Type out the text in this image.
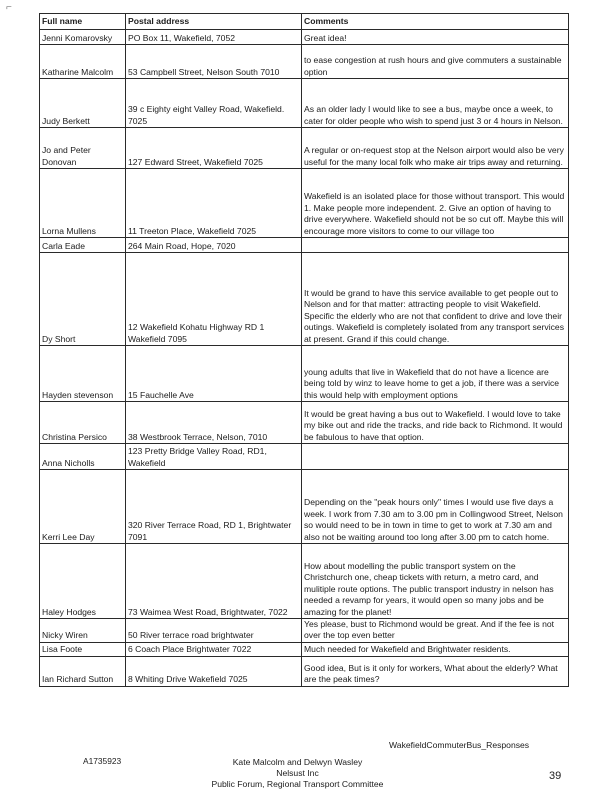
⌐
Full name	Postal address	Comments
Jenni Komarovsky	PO Box 11, Wakefield, 7052	Great idea!
Katharine Malcolm	53 Campbell Street, Nelson South 7010	to ease congestion at rush hours and give commuters a sustainable option
Judy Berkett	39 c Eighty eight Valley Road, Wakefield. 7025	As an older lady I would like to see a bus, maybe once a week, to cater for older people who wish to spend just 3 or 4 hours in Nelson.
Jo and Peter Donovan	127 Edward Street, Wakefield 7025	A regular or on-request stop at the Nelson airport would also be very useful for the many local folk who make air trips away and returning.
Lorna Mullens	11 Treeton Place, Wakefield 7025	Wakefield is an isolated place for those without transport. This would 1. Make people more independent. 2. Give an option of having to drive everywhere. Wakefield should not be so cut off. Maybe this will encourage more visitors to come to our village too
Carla Eade	264 Main Road, Hope, 7020	
Dy Short	12 Wakefield Kohatu Highway RD 1 Wakefield 7095	It would be grand to have this service available to get people out to Nelson and for that matter: attracting people to visit Wakefield. Specific the elderly who are not that confident to drive and love their outings. Wakefield is completely isolated from any transport services at present. Grand if this could change.
Hayden stevenson	15 Fauchelle Ave	young adults that live in Wakefield that do not have a licence are being told by winz to leave home to get a job, if there was a service this would help with employment options
Christina Persico	38 Westbrook Terrace, Nelson, 7010	It would be great having a bus out to Wakefield. I would love to take my bike out and ride the tracks, and ride back to Richmond. It would be fabulous to have that option.
Anna Nicholls	123 Pretty Bridge Valley Road, RD1, Wakefield	
Kerri Lee Day	320 River Terrace Road, RD 1, Brightwater 7091	Depending on the "peak hours only" times I would use five days a week. I work from 7.30 am to 3.00 pm in Collingwood Street, Nelson so would need to be in town in time to get to work at 7.30 am and also not be waiting around too long after 3.00 pm to catch home.
Haley Hodges	73 Waimea West Road, Brightwater, 7022	How about modelling the public transport system on the Christchurch one, cheap tickets with return, a metro card, and mulitiple route options. The public transport industry in nelson has needed a revamp for years, it would open so many jobs and be amazing for the planet!
Nicky Wiren	50 River terrace road brightwater	Yes please, bust to Richmond would be great. And if the fee is not over the top even better
Lisa Foote	6 Coach Place Brightwater 7022	Much needed for Wakefield and Brightwater residents.
Ian Richard Sutton	8 Whiting Drive Wakefield 7025	Good idea, But is it only for workers, What about the elderly? What are the peak times?
WakefieldCommuterBus_Responses
A1735923	Kate Malcolm and Delwyn Wasley
Nelsust Inc
Public Forum, Regional Transport Committee
39
